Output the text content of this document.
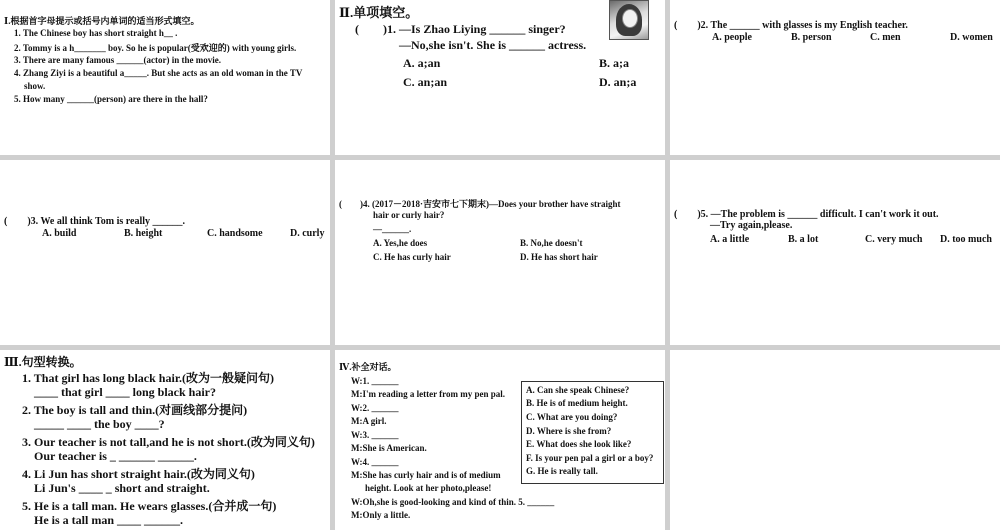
Ⅰ.根据首字母提示或括号内单词的适当形式填空。
1. The Chinese boy has short straight h__ .
2. Tommy is a h_______ boy. So he is popular(受欢迎的) with young girls.
3. There are many famous ______(actor) in the movie.
4. Zhang Ziyi is a beautiful a_____. But she acts as an old woman in the TV
show.
5. How many ______(person) are there in the hall?
Ⅱ.单项填空。
(　　)1. —Is Zhao Liying ______ singer?
—No,she isn't. She is ______ actress.
A. a;an	B. a;a
C. an;an	D. an;a
(　　)2. The ______ with glasses is my English teacher.
A. people	B. person	C. men	D. women
(　　)3. We all think Tom is really ______.
A. build	B. height	C. handsome	D. curly
(　　)4. (2017－2018·吉安市七下期末)—Does your brother have straight
hair or curly hair?
—______.
A. Yes,he does	B. No,he doesn't
C. He has curly hair	D. He has short hair
(　　)5. —The problem is ______ difficult. I can't work it out.
—Try again,please.
A. a little	B. a lot	C. very much D. too much
Ⅲ.句型转换。
1. That girl has long black hair.(改为一般疑问句)
____ that girl ____ long black hair?
2. The boy is tall and thin.(对画线部分提问)
_____ ____ the boy ____?
3. Our teacher is not tall,and he is not short.(改为同义句)
Our teacher is _ ______ ______.
4. Li Jun has short straight hair.(改为同义句)
Li Jun's ____ _ short and straight.
5. He is a tall man. He wears glasses.(合并成一句)
He is a tall man ____ ______.
Ⅳ.补全对话。
W:1. ______
M:I'm reading a letter from my pen pal.
W:2. ______
M:A girl.
W:3. ______
M:She is American.
W:4. ______
M:She has curly hair and is of medium
height. Look at her photo,please!
W:Oh,she is good-looking and kind of thin. 5. ______
M:Only a little.
A. Can she speak Chinese?
B. He is of medium height.
C. What are you doing?
D. Where is she from?
E. What does she look like?
F. Is your pen pal a girl or a boy?
G. He is really tall.
